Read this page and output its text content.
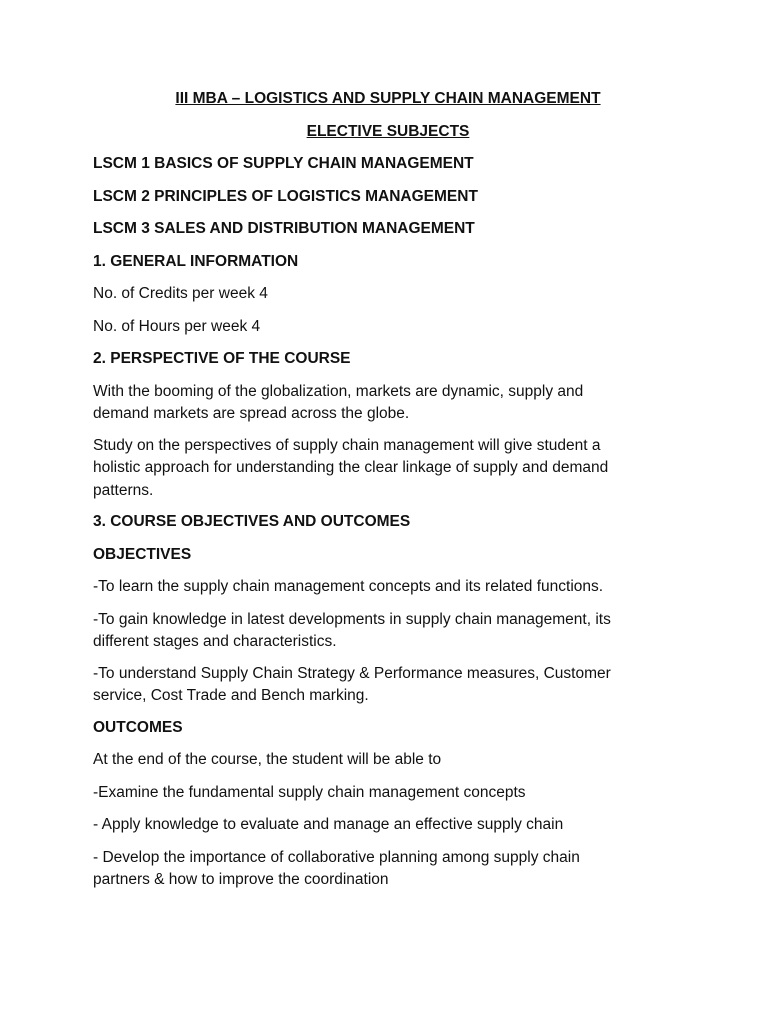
III MBA – LOGISTICS AND SUPPLY CHAIN MANAGEMENT
ELECTIVE SUBJECTS
LSCM 1 BASICS OF SUPPLY CHAIN MANAGEMENT
LSCM 2 PRINCIPLES OF LOGISTICS MANAGEMENT
LSCM 3 SALES AND DISTRIBUTION MANAGEMENT
1. GENERAL INFORMATION
No. of Credits per week 4
No. of Hours per week 4
2. PERSPECTIVE OF THE COURSE
With the booming of the globalization, markets are dynamic, supply and
demand markets are spread across the globe.
Study on the perspectives of supply chain management will give student a
holistic approach for understanding the clear linkage of supply and demand
patterns.
3. COURSE OBJECTIVES AND OUTCOMES
OBJECTIVES
-To learn the supply chain management concepts and its related functions.
-To gain knowledge in latest developments in supply chain management, its
different stages and characteristics.
-To understand Supply Chain Strategy & Performance measures, Customer
service, Cost Trade and Bench marking.
OUTCOMES
At the end of the course, the student will be able to
-Examine the fundamental supply chain management concepts
- Apply knowledge to evaluate and manage an effective supply chain
- Develop the importance of collaborative planning among supply chain
partners & how to improve the coordination
